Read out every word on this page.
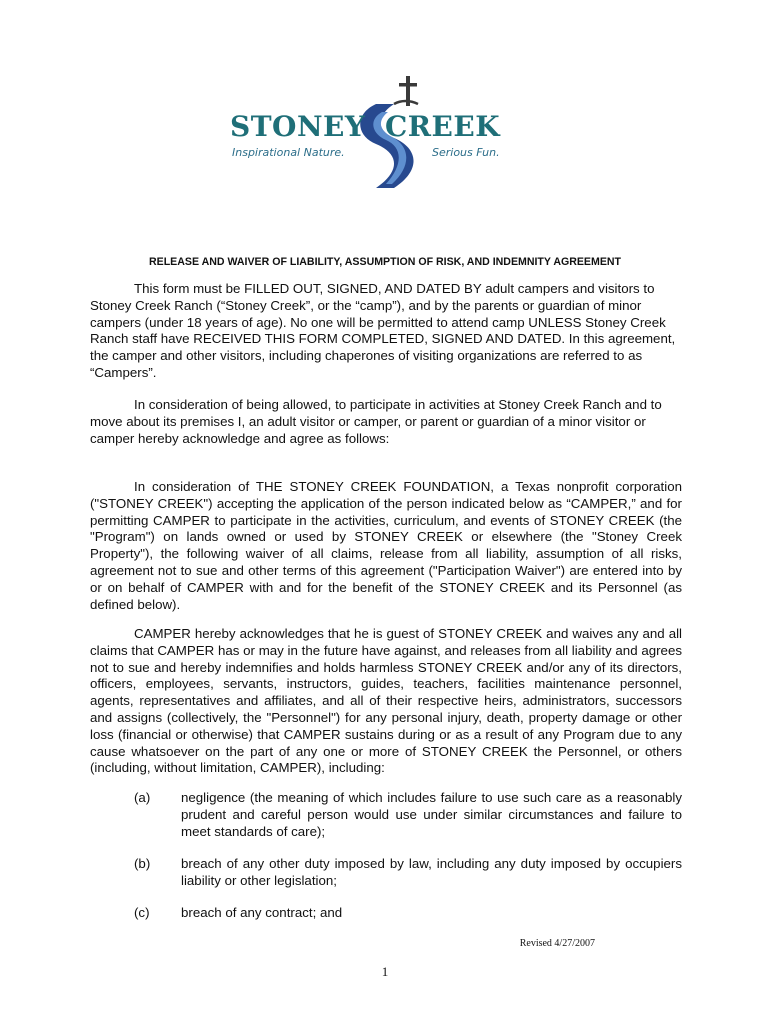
STONEY CREEK
Inspirational Nature.	Serious Fun.
RELEASE AND WAIVER OF LIABILITY, ASSUMPTION OF RISK, AND INDEMNITY AGREEMENT

This form must be FILLED OUT, SIGNED, AND DATED BY adult campers and visitors to Stoney Creek Ranch (“Stoney Creek”, or the “camp”), and by the parents or guardian of minor campers (under 18 years of age). No one will be permitted to attend camp UNLESS Stoney Creek Ranch staff have RECEIVED THIS FORM COMPLETED, SIGNED AND DATED. In this agreement, the camper and other visitors, including chaperones of visiting organizations are referred to as “Campers”.

In consideration of being allowed, to participate in activities at Stoney Creek Ranch and to move about its premises I, an adult visitor or camper, or parent or guardian of a minor visitor or camper hereby acknowledge and agree as follows:

In consideration of THE STONEY CREEK FOUNDATION, a Texas nonprofit corporation ("STONEY CREEK") accepting the application of the person indicated below as “CAMPER,” and for permitting CAMPER to participate in the activities, curriculum, and events of STONEY CREEK (the "Program") on lands owned or used by STONEY CREEK or elsewhere (the "Stoney Creek Property"), the following waiver of all claims, release from all liability, assumption of all risks, agreement not to sue and other terms of this agreement ("Participation Waiver") are entered into by or on behalf of CAMPER with and for the benefit of the STONEY CREEK and its Personnel (as defined below).

CAMPER hereby acknowledges that he is guest of STONEY CREEK and waives any and all claims that CAMPER has or may in the future have against, and releases from all liability and agrees not to sue and hereby indemnifies and holds harmless STONEY CREEK and/or any of its directors, officers, employees, servants, instructors, guides, teachers, facilities maintenance personnel, agents, representatives and affiliates, and all of their respective heirs, administrators, successors and assigns (collectively, the "Personnel") for any personal injury, death, property damage or other loss (financial or otherwise) that CAMPER sustains during or as a result of any Program due to any cause whatsoever on the part of any one or more of STONEY CREEK the Personnel, or others (including, without limitation, CAMPER), including:

(a) negligence (the meaning of which includes failure to use such care as a reasonably prudent and careful person would use under similar circumstances and failure to meet standards of care);
(b) breach of any other duty imposed by law, including any duty imposed by occupiers liability or other legislation;
(c) breach of any contract; and
Revised 4/27/2007
1
